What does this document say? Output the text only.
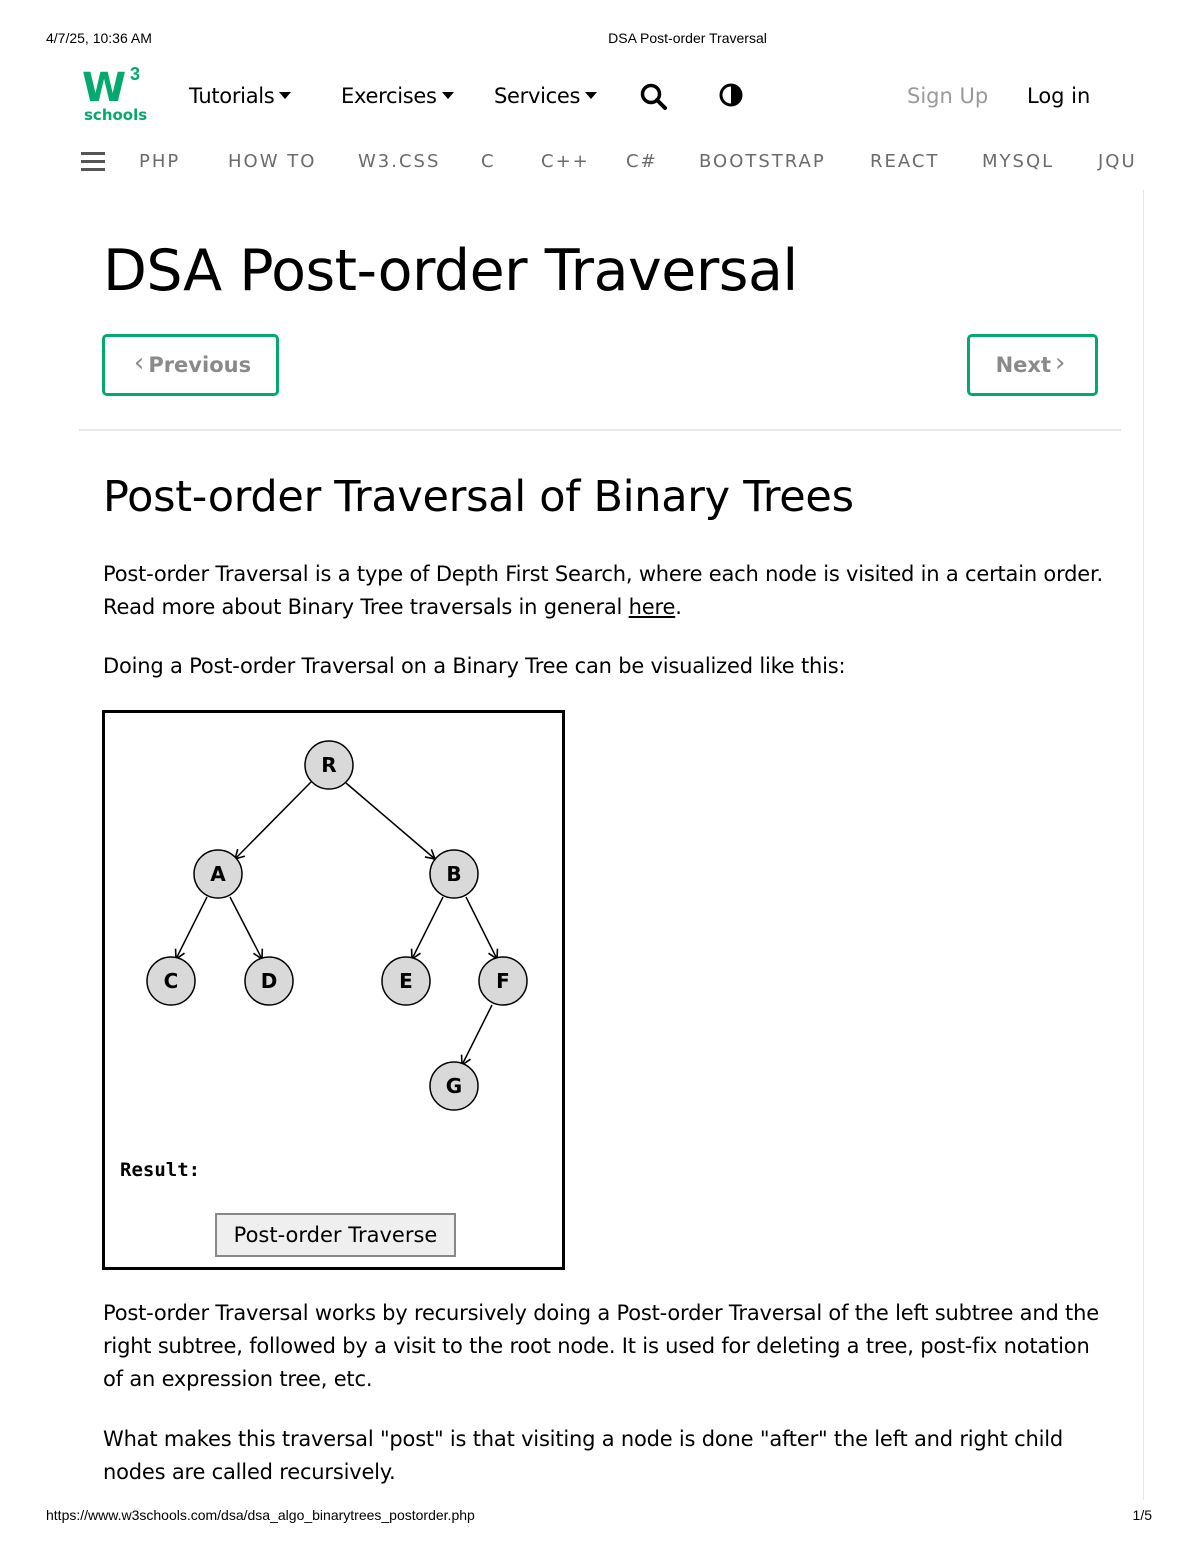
4/7/25, 10:36 AM	DSA Post-order Traversal
W 3
schools
Tutorials	Exercises	Services	Sign Up Log in
PHP	HOW TO W3.CSS C	C++ C# BOOTSTRAP REACT MYSQL JQU
DSA Post-order Traversal
‹ Previous	Next ›
Post-order Traversal of Binary Trees

Post-order Traversal is a type of Depth First Search, where each node is visited in a certain order. Read more about Binary Tree traversals in general here.

Doing a Post-order Traversal on a Binary Tree can be visualized like this:

R
A	B
C	D	E	F
G
Result:
Post-order Traverse

Post-order Traversal works by recursively doing a Post-order Traversal of the left subtree and the right subtree, followed by a visit to the root node. It is used for deleting a tree, post-fix notation of an expression tree, etc.

What makes this traversal "post" is that visiting a node is done "after" the left and right child nodes are called recursively.

https://www.w3schools.com/dsa/dsa_algo_binarytrees_postorder.php	1/5
